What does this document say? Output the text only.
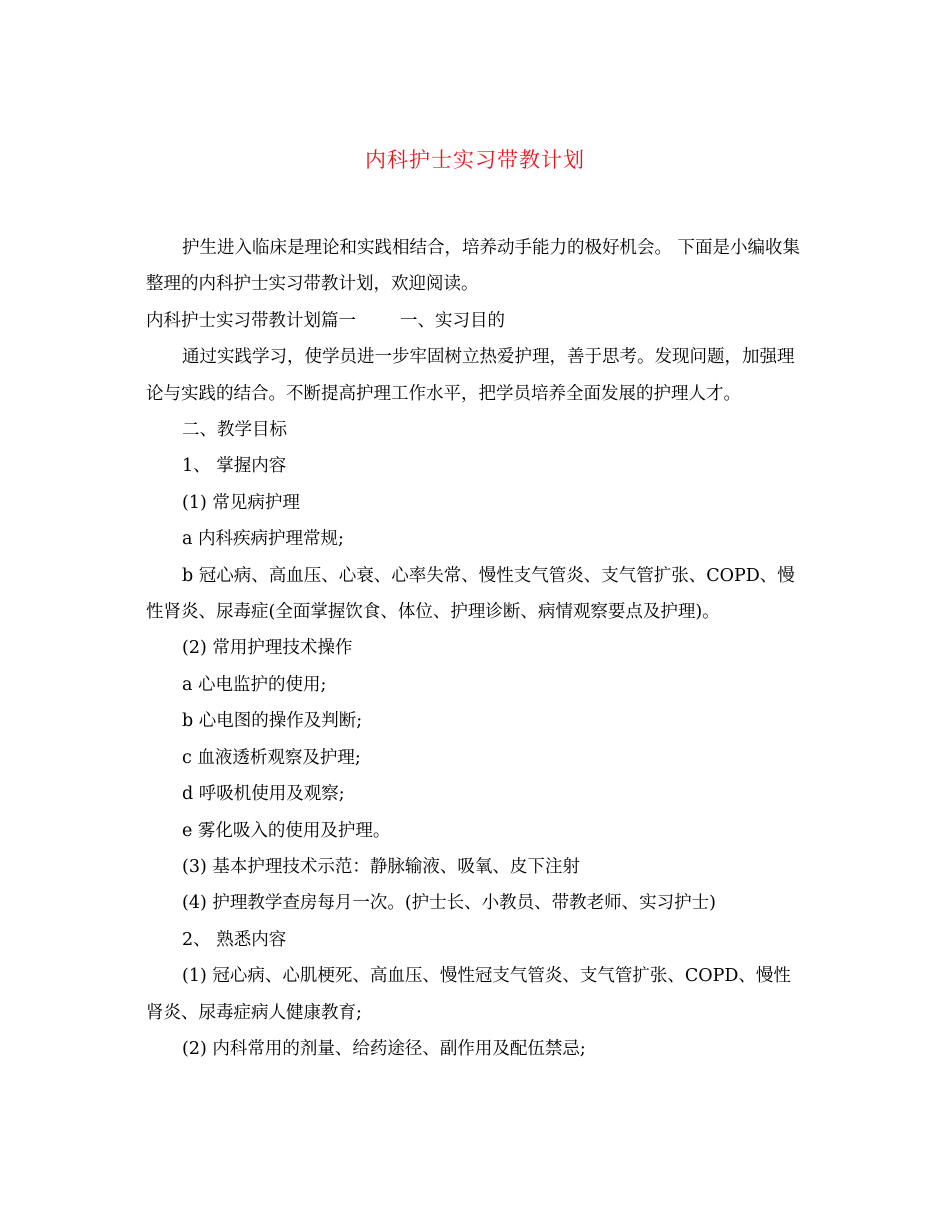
内科护士实习带教计划

护生进入临床是理论和实践相结合，培养动手能力的极好机会。 下面是小编收集整理的内科护士实习带教计划，欢迎阅读。

内科护士实习带教计划篇一	一、实习目的

通过实践学习，使学员进一步牢固树立热爱护理，善于思考。发现问题，加强理论与实践的结合。不断提高护理工作水平，把学员培养全面发展的护理人才。

二、教学目标

1、 掌握内容

(1) 常见病护理

a 内科疾病护理常规;

b 冠心病、高血压、心衰、心率失常、慢性支气管炎、支气管扩张、COPD、慢性肾炎、尿毒症(全面掌握饮食、体位、护理诊断、病情观察要点及护理)。

(2) 常用护理技术操作

a 心电监护的使用;

b 心电图的操作及判断;

c 血液透析观察及护理;

d 呼吸机使用及观察;

e 雾化吸入的使用及护理。

(3) 基本护理技术示范：静脉输液、吸氧、皮下注射

(4) 护理教学查房每月一次。(护士长、小教员、带教老师、实习护士)

2、 熟悉内容

(1) 冠心病、心肌梗死、高血压、慢性冠支气管炎、支气管扩张、COPD、慢性肾炎、尿毒症病人健康教育;

(2) 内科常用的剂量、给药途径、副作用及配伍禁忌;
